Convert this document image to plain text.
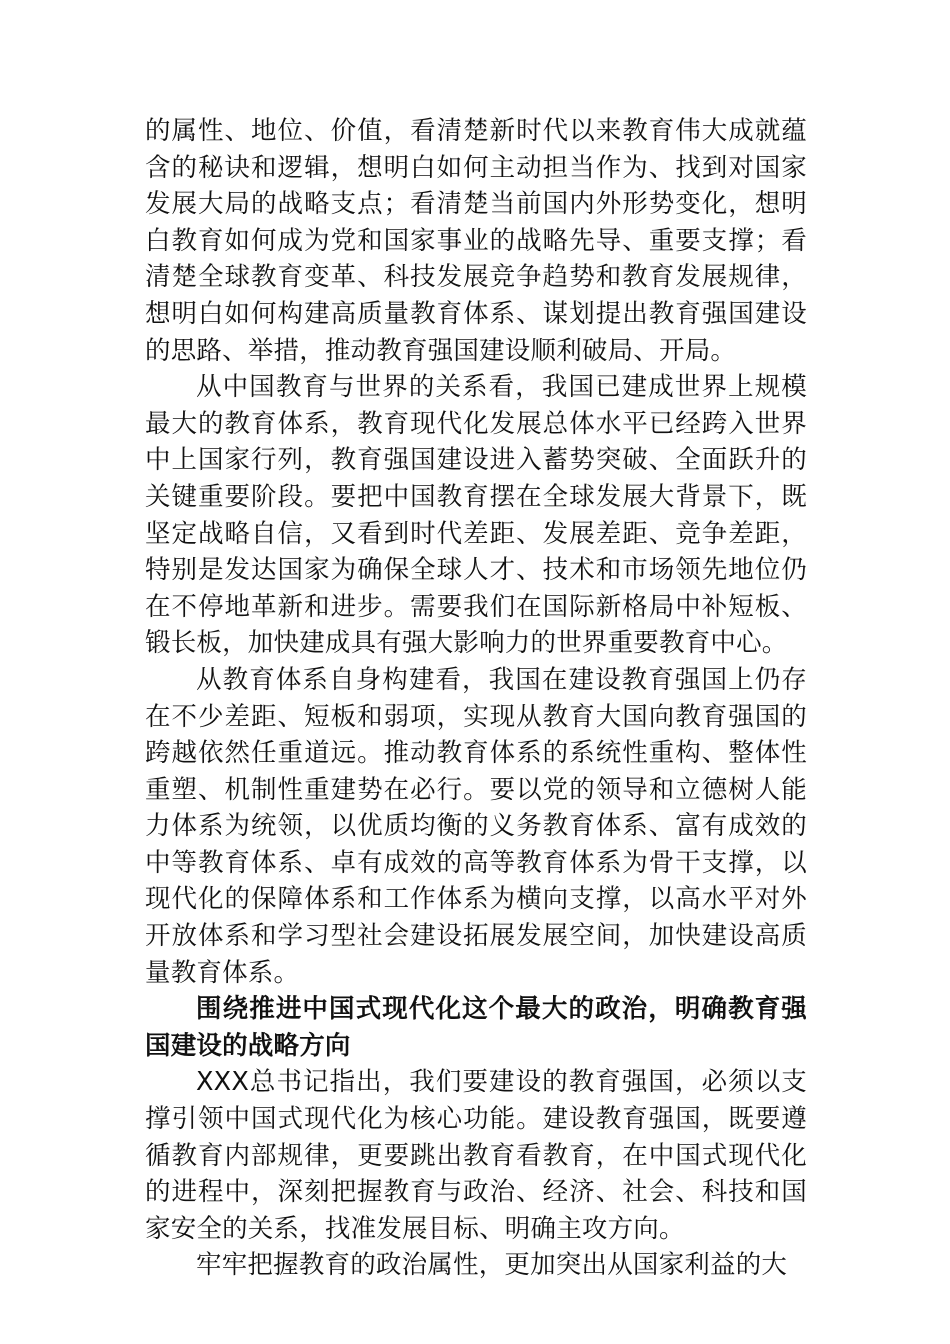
的属性、地位、价值，看清楚新时代以来教育伟大成就蕴含的秘诀和逻辑，想明白如何主动担当作为、找到对国家发展大局的战略支点；看清楚当前国内外形势变化，想明白教育如何成为党和国家事业的战略先导、重要支撑；看清楚全球教育变革、科技发展竞争趋势和教育发展规律，想明白如何构建高质量教育体系、谋划提出教育强国建设的思路、举措，推动教育强国建设顺利破局、开局。

从中国教育与世界的关系看，我国已建成世界上规模最大的教育体系，教育现代化发展总体水平已经跨入世界中上国家行列，教育强国建设进入蓄势突破、全面跃升的关键重要阶段。要把中国教育摆在全球发展大背景下，既坚定战略自信，又看到时代差距、发展差距、竞争差距，特别是发达国家为确保全球人才、技术和市场领先地位仍在不停地革新和进步。需要我们在国际新格局中补短板、锻长板，加快建成具有强大影响力的世界重要教育中心。

从教育体系自身构建看，我国在建设教育强国上仍存在不少差距、短板和弱项，实现从教育大国向教育强国的跨越依然任重道远。推动教育体系的系统性重构、整体性重塑、机制性重建势在必行。要以党的领导和立德树人能力体系为统领，以优质均衡的义务教育体系、富有成效的中等教育体系、卓有成效的高等教育体系为骨干支撑，以现代化的保障体系和工作体系为横向支撑，以高水平对外开放体系和学习型社会建设拓展发展空间，加快建设高质量教育体系。

围绕推进中国式现代化这个最大的政治，明确教育强国建设的战略方向

XXX总书记指出，我们要建设的教育强国，必须以支撑引领中国式现代化为核心功能。建设教育强国，既要遵循教育内部规律，更要跳出教育看教育，在中国式现代化的进程中，深刻把握教育与政治、经济、社会、科技和国家安全的关系，找准发展目标、明确主攻方向。

牢牢把握教育的政治属性，更加突出从国家利益的大
